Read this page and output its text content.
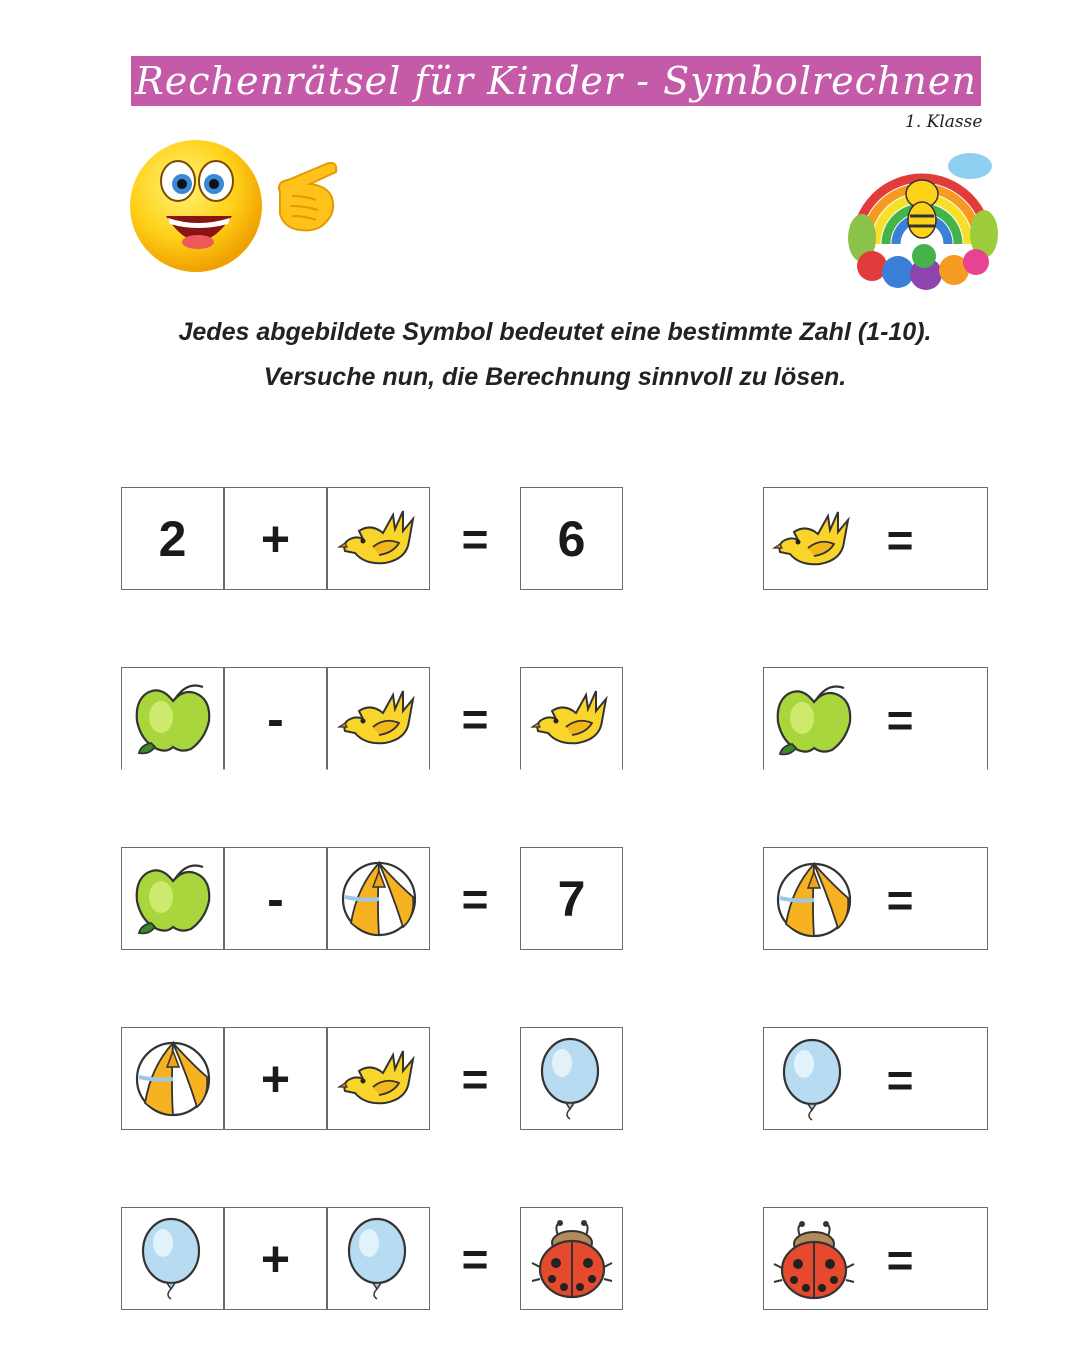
Rechenrätsel für Kinder - Symbolrechnen
1. Klasse
Jedes abgebildete Symbol bedeutet eine bestimmte Zahl (1-10).
Versuche nun, die Berechnung sinnvoll zu lösen.
2 +	= 6	=
-	=	=
-	= 7	=
+	=	=
+	=	=
